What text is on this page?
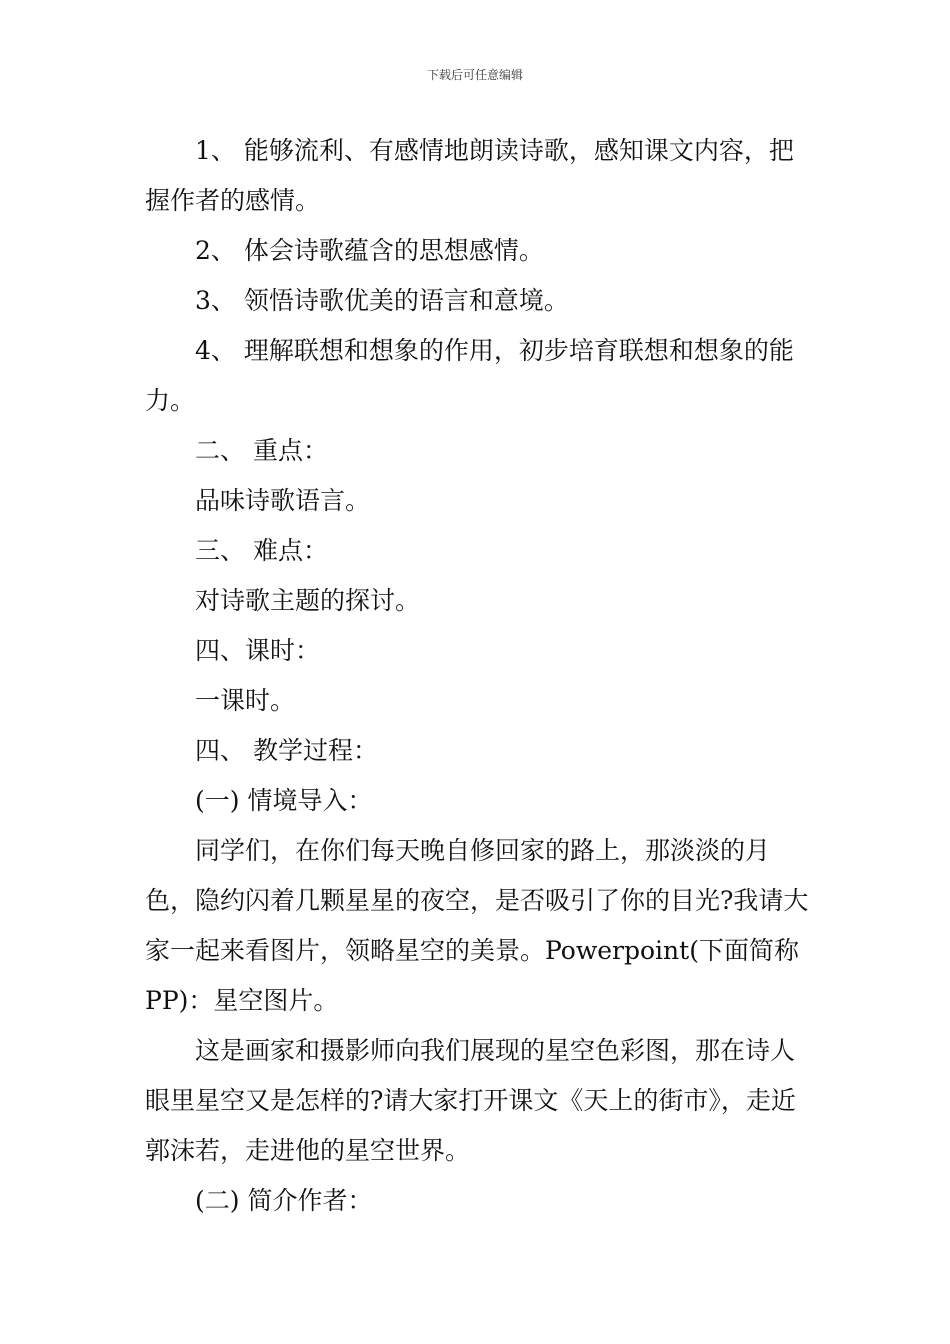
下载后可任意编辑

1、 能够流利、有感情地朗读诗歌，感知课文内容，把握作者的感情。

2、 体会诗歌蕴含的思想感情。

3、 领悟诗歌优美的语言和意境。

4、 理解联想和想象的作用，初步培育联想和想象的能力。

二、 重点：

品味诗歌语言。

三、 难点：

对诗歌主题的探讨。

四、课时：

一课时。

四、 教学过程：

(一) 情境导入：

同学们，在你们每天晚自修回家的路上，那淡淡的月色，隐约闪着几颗星星的夜空，是否吸引了你的目光?我请大家一起来看图片，领略星空的美景。Powerpoint(下面简称PP)：星空图片。

这是画家和摄影师向我们展现的星空色彩图，那在诗人眼里星空又是怎样的?请大家打开课文《天上的街市》，走近郭沫若，走进他的星空世界。

(二) 简介作者：
